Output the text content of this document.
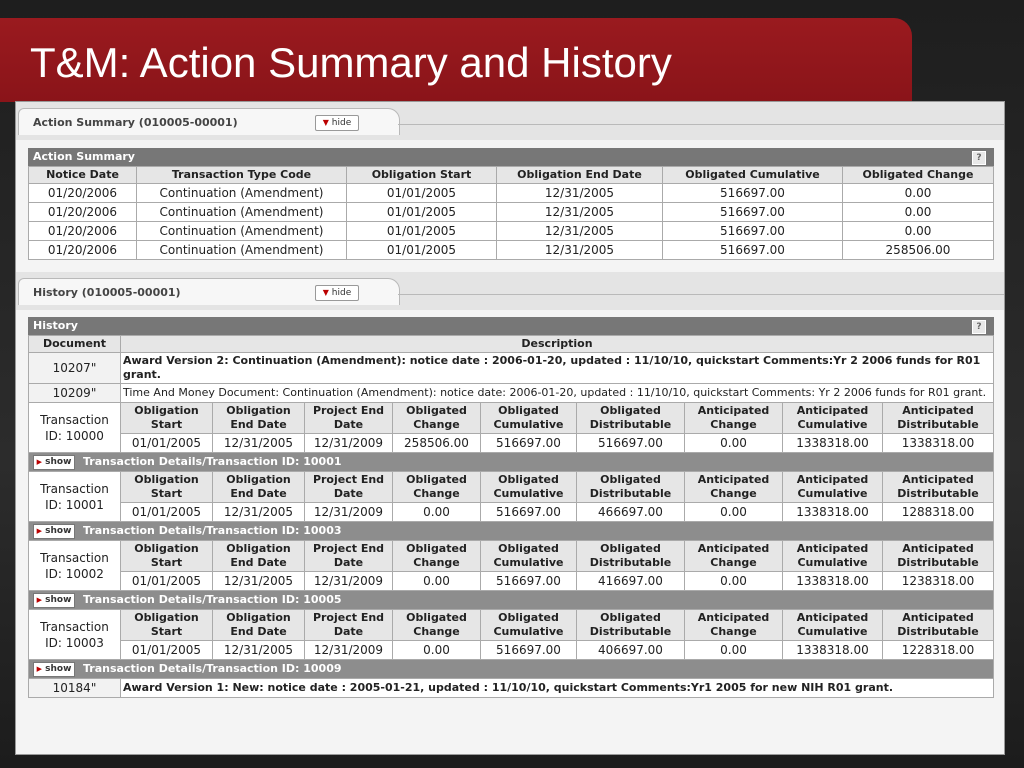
T&M: Action Summary and History
Action Summary (010005-00001)	▼ hide
Action Summary	?
Notice Date	Transaction Type Code	Obligation Start	Obligation End Date	Obligated Cumulative	Obligated Change
01/20/2006	Continuation (Amendment)	01/01/2005	12/31/2005	516697.00	0.00
01/20/2006	Continuation (Amendment)	01/01/2005	12/31/2005	516697.00	0.00
01/20/2006	Continuation (Amendment)	01/01/2005	12/31/2005	516697.00	0.00
01/20/2006	Continuation (Amendment)	01/01/2005	12/31/2005	516697.00	258506.00
History (010005-00001)	▼ hide
History	?
Document	Description								
10207"	Award Version 2: Continuation (Amendment): notice date : 2006-01-20, updated : 11/10/10, quickstart Comments:Yr 2 2006 funds for R01 grant.								
10209"	Time And Money Document: Continuation (Amendment): notice date: 2006-01-20, updated : 11/10/10, quickstart Comments: Yr 2 2006 funds for R01 grant.								
Transaction ID: 10000	Obligation Start	Obligation End Date	Project End Date	Obligated Change	Obligated Cumulative	Obligated Distributable	Anticipated Change	Anticipated Cumulative	Anticipated Distributable
	01/01/2005	12/31/2005	12/31/2009	258506.00	516697.00	516697.00	0.00	1338318.00	1338318.00
▶ show Transaction Details/Transaction ID: 10001									
Transaction ID: 10001	Obligation Start	Obligation End Date	Project End Date	Obligated Change	Obligated Cumulative	Obligated Distributable	Anticipated Change	Anticipated Cumulative	Anticipated Distributable
	01/01/2005	12/31/2005	12/31/2009	0.00	516697.00	466697.00	0.00	1338318.00	1288318.00
▶ show Transaction Details/Transaction ID: 10003									
Transaction ID: 10002	Obligation Start	Obligation End Date	Project End Date	Obligated Change	Obligated Cumulative	Obligated Distributable	Anticipated Change	Anticipated Cumulative	Anticipated Distributable
	01/01/2005	12/31/2005	12/31/2009	0.00	516697.00	416697.00	0.00	1338318.00	1238318.00
▶ show Transaction Details/Transaction ID: 10005									
Transaction ID: 10003	Obligation Start	Obligation End Date	Project End Date	Obligated Change	Obligated Cumulative	Obligated Distributable	Anticipated Change	Anticipated Cumulative	Anticipated Distributable
	01/01/2005	12/31/2005	12/31/2009	0.00	516697.00	406697.00	0.00	1338318.00	1228318.00
▶ show Transaction Details/Transaction ID: 10009									
10184"	Award Version 1: New: notice date : 2005-01-21, updated : 11/10/10, quickstart Comments:Yr1 2005 for new NIH R01 grant.								
